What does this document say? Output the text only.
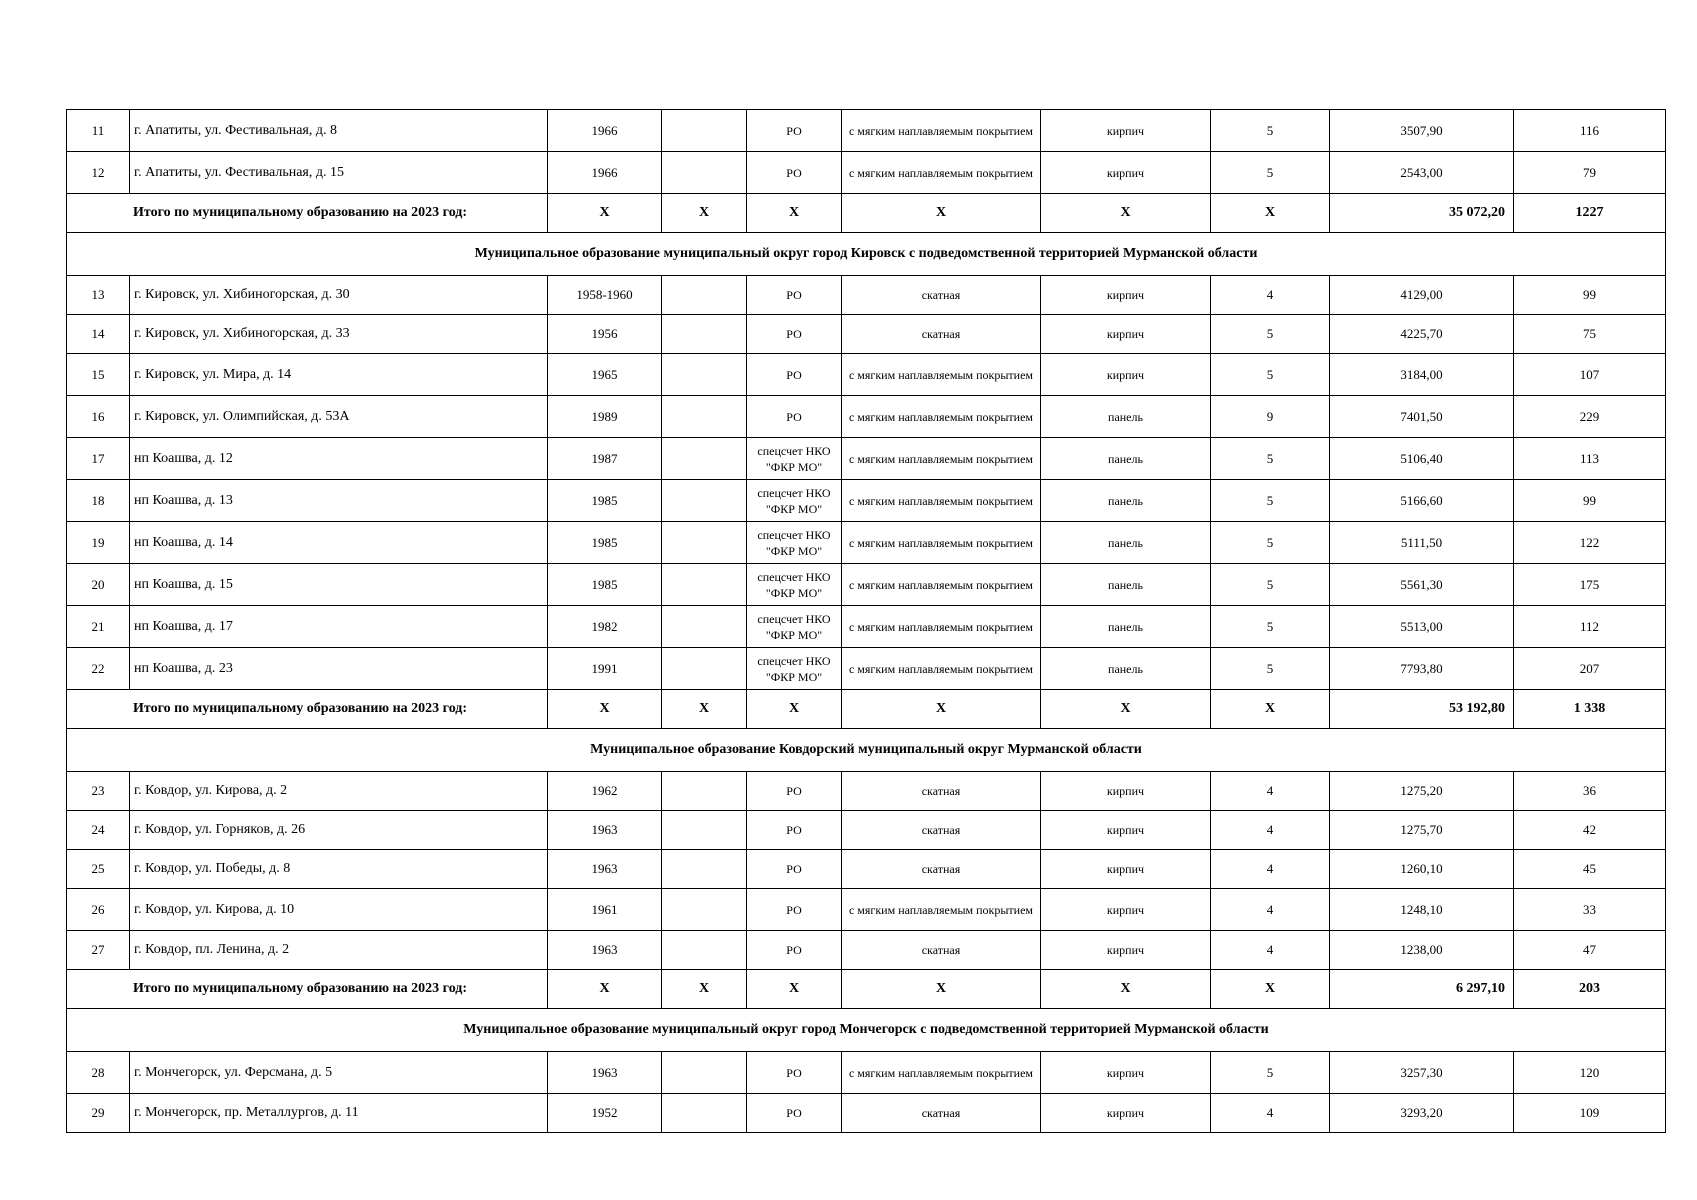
11	г. Апатиты, ул. Фестивальная, д. 8	1966		РО	с мягким наплавляемым покрытием	кирпич	5	3507,90	116
12	г. Апатиты, ул. Фестивальная, д. 15	1966		РО	с мягким наплавляемым покрытием	кирпич	5	2543,00	79
Итого по муниципальному образованию на 2023 год:		X	X	X	X	X	X	35 072,20	1227
Муниципальное образование муниципальный округ город Кировск с подведомственной территорией Мурманской области									
13	г. Кировск, ул. Хибиногорская, д. 30	1958-1960		РО	скатная	кирпич	4	4129,00	99
14	г. Кировск, ул. Хибиногорская, д. 33	1956		РО	скатная	кирпич	5	4225,70	75
15	г. Кировск, ул. Мира, д. 14	1965		РО	с мягким наплавляемым покрытием	кирпич	5	3184,00	107
16	г. Кировск, ул. Олимпийская, д. 53А	1989		РО	с мягким наплавляемым покрытием	панель	9	7401,50	229
17	нп Коашва, д. 12	1987		спецсчет НКО "ФКР МО"	с мягким наплавляемым покрытием	панель	5	5106,40	113
18	нп Коашва, д. 13	1985		спецсчет НКО "ФКР МО"	с мягким наплавляемым покрытием	панель	5	5166,60	99
19	нп Коашва, д. 14	1985		спецсчет НКО "ФКР МО"	с мягким наплавляемым покрытием	панель	5	5111,50	122
20	нп Коашва, д. 15	1985		спецсчет НКО "ФКР МО"	с мягким наплавляемым покрытием	панель	5	5561,30	175
21	нп Коашва, д. 17	1982		спецсчет НКО "ФКР МО"	с мягким наплавляемым покрытием	панель	5	5513,00	112
22	нп Коашва, д. 23	1991		спецсчет НКО "ФКР МО"	с мягким наплавляемым покрытием	панель	5	7793,80	207
Итого по муниципальному образованию на 2023 год:		X	X	X	X	X	X	53 192,80	1 338
Муниципальное образование Ковдорский муниципальный округ Мурманской области									
23	г. Ковдор, ул. Кирова, д. 2	1962		РО	скатная	кирпич	4	1275,20	36
24	г. Ковдор, ул. Горняков, д. 26	1963		РО	скатная	кирпич	4	1275,70	42
25	г. Ковдор, ул. Победы, д. 8	1963		РО	скатная	кирпич	4	1260,10	45
26	г. Ковдор, ул. Кирова, д. 10	1961		РО	с мягким наплавляемым покрытием	кирпич	4	1248,10	33
27	г. Ковдор, пл. Ленина, д. 2	1963		РО	скатная	кирпич	4	1238,00	47
Итого по муниципальному образованию на 2023 год:		X	X	X	X	X	X	6 297,10	203
Муниципальное образование муниципальный округ город Мончегорск с подведомственной территорией Мурманской области									
28	г. Мончегорск, ул. Ферсмана, д. 5	1963		РО	с мягким наплавляемым покрытием	кирпич	5	3257,30	120
29	г. Мончегорск, пр. Металлургов, д. 11	1952		РО	скатная	кирпич	4	3293,20	109
